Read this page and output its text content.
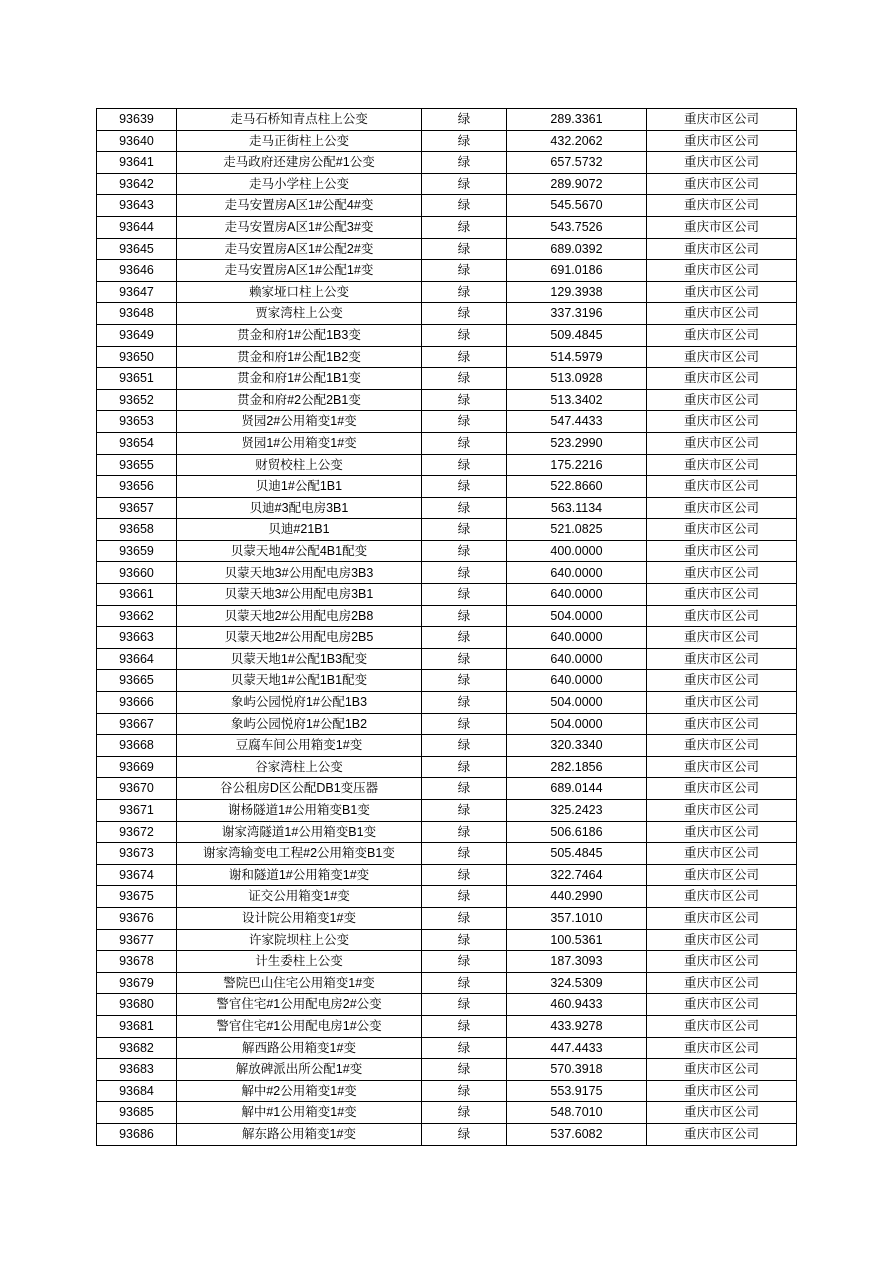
93639	走马石桥知青点柱上公变	绿	289.3361	重庆市区公司
93640	走马正街柱上公变	绿	432.2062	重庆市区公司
93641	走马政府还建房公配#1公变	绿	657.5732	重庆市区公司
93642	走马小学柱上公变	绿	289.9072	重庆市区公司
93643	走马安置房A区1#公配4#变	绿	545.5670	重庆市区公司
93644	走马安置房A区1#公配3#变	绿	543.7526	重庆市区公司
93645	走马安置房A区1#公配2#变	绿	689.0392	重庆市区公司
93646	走马安置房A区1#公配1#变	绿	691.0186	重庆市区公司
93647	赖家垭口柱上公变	绿	129.3938	重庆市区公司
93648	贾家湾柱上公变	绿	337.3196	重庆市区公司
93649	贯金和府1#公配1B3变	绿	509.4845	重庆市区公司
93650	贯金和府1#公配1B2变	绿	514.5979	重庆市区公司
93651	贯金和府1#公配1B1变	绿	513.0928	重庆市区公司
93652	贯金和府#2公配2B1变	绿	513.3402	重庆市区公司
93653	贤园2#公用箱变1#变	绿	547.4433	重庆市区公司
93654	贤园1#公用箱变1#变	绿	523.2990	重庆市区公司
93655	财贸校柱上公变	绿	175.2216	重庆市区公司
93656	贝迪1#公配1B1	绿	522.8660	重庆市区公司
93657	贝迪#3配电房3B1	绿	563.1134	重庆市区公司
93658	贝迪#21B1	绿	521.0825	重庆市区公司
93659	贝蒙天地4#公配4B1配变	绿	400.0000	重庆市区公司
93660	贝蒙天地3#公用配电房3B3	绿	640.0000	重庆市区公司
93661	贝蒙天地3#公用配电房3B1	绿	640.0000	重庆市区公司
93662	贝蒙天地2#公用配电房2B8	绿	504.0000	重庆市区公司
93663	贝蒙天地2#公用配电房2B5	绿	640.0000	重庆市区公司
93664	贝蒙天地1#公配1B3配变	绿	640.0000	重庆市区公司
93665	贝蒙天地1#公配1B1配变	绿	640.0000	重庆市区公司
93666	象屿公园悦府1#公配1B3	绿	504.0000	重庆市区公司
93667	象屿公园悦府1#公配1B2	绿	504.0000	重庆市区公司
93668	豆腐车间公用箱变1#变	绿	320.3340	重庆市区公司
93669	谷家湾柱上公变	绿	282.1856	重庆市区公司
93670	谷公租房D区公配DB1变压器	绿	689.0144	重庆市区公司
93671	谢杨隧道1#公用箱变B1变	绿	325.2423	重庆市区公司
93672	谢家湾隧道1#公用箱变B1变	绿	506.6186	重庆市区公司
93673	谢家湾输变电工程#2公用箱变B1变	绿	505.4845	重庆市区公司
93674	谢和隧道1#公用箱变1#变	绿	322.7464	重庆市区公司
93675	证交公用箱变1#变	绿	440.2990	重庆市区公司
93676	设计院公用箱变1#变	绿	357.1010	重庆市区公司
93677	许家院坝柱上公变	绿	100.5361	重庆市区公司
93678	计生委柱上公变	绿	187.3093	重庆市区公司
93679	警院巴山住宅公用箱变1#变	绿	324.5309	重庆市区公司
93680	警官住宅#1公用配电房2#公变	绿	460.9433	重庆市区公司
93681	警官住宅#1公用配电房1#公变	绿	433.9278	重庆市区公司
93682	解西路公用箱变1#变	绿	447.4433	重庆市区公司
93683	解放碑派出所公配1#变	绿	570.3918	重庆市区公司
93684	解中#2公用箱变1#变	绿	553.9175	重庆市区公司
93685	解中#1公用箱变1#变	绿	548.7010	重庆市区公司
93686	解东路公用箱变1#变	绿	537.6082	重庆市区公司
